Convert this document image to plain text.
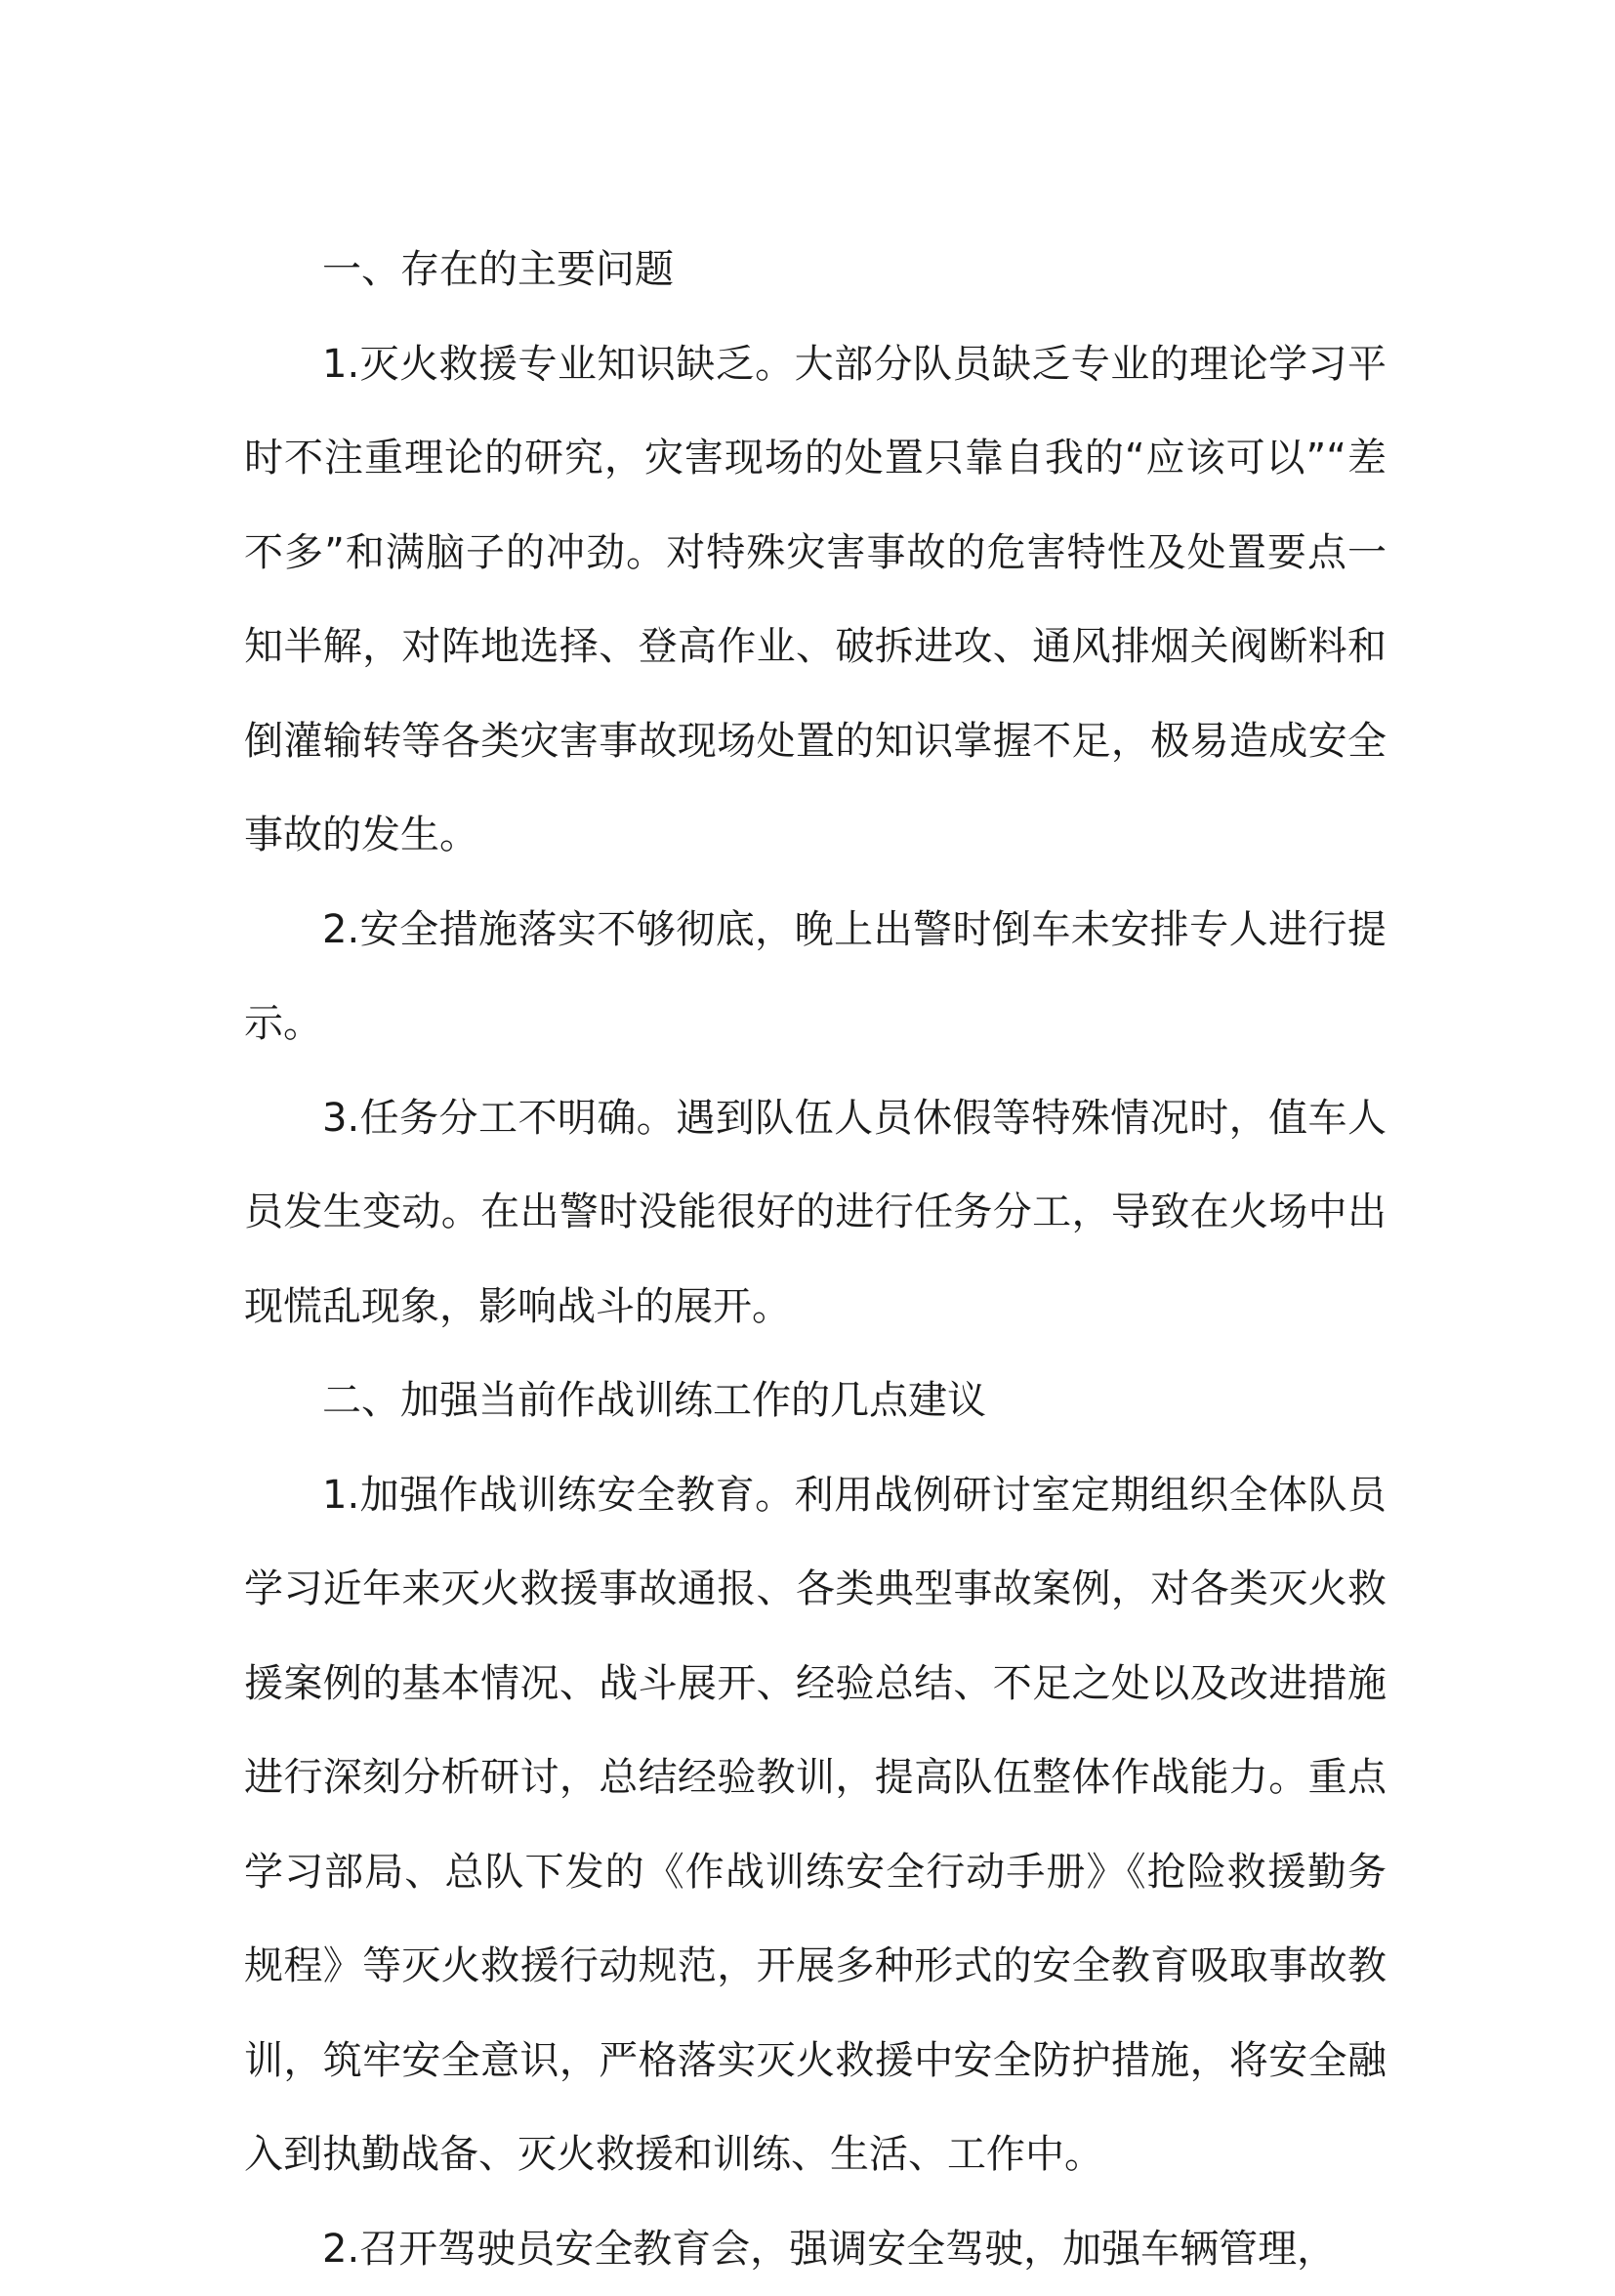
一、存在的主要问题

1.灭火救援专业知识缺乏。大部分队员缺乏专业的理论学习平时不注重理论的研究，灾害现场的处置只靠自我的“应该可以”“差不多”和满脑子的冲劲。对特殊灾害事故的危害特性及处置要点一知半解，对阵地选择、登高作业、破拆进攻、通风排烟关阀断料和倒灌输转等各类灾害事故现场处置的知识掌握不足，极易造成安全事故的发生。

2.安全措施落实不够彻底，晚上出警时倒车未安排专人进行提示。

3.任务分工不明确。遇到队伍人员休假等特殊情况时，值车人员发生变动。在出警时没能很好的进行任务分工，导致在火场中出现慌乱现象，影响战斗的展开。

二、加强当前作战训练工作的几点建议

1.加强作战训练安全教育。利用战例研讨室定期组织全体队员学习近年来灭火救援事故通报、各类典型事故案例，对各类灭火救援案例的基本情况、战斗展开、经验总结、不足之处以及改进措施进行深刻分析研讨，总结经验教训，提高队伍整体作战能力。重点学习部局、总队下发的《作战训练安全行动手册》《抢险救援勤务规程》等灭火救援行动规范，开展多种形式的安全教育吸取事故教训，筑牢安全意识，严格落实灭火救援中安全防护措施，将安全融入到执勤战备、灭火救援和训练、生活、工作中。

2.召开驾驶员安全教育会，强调安全驾驶，加强车辆管理，
